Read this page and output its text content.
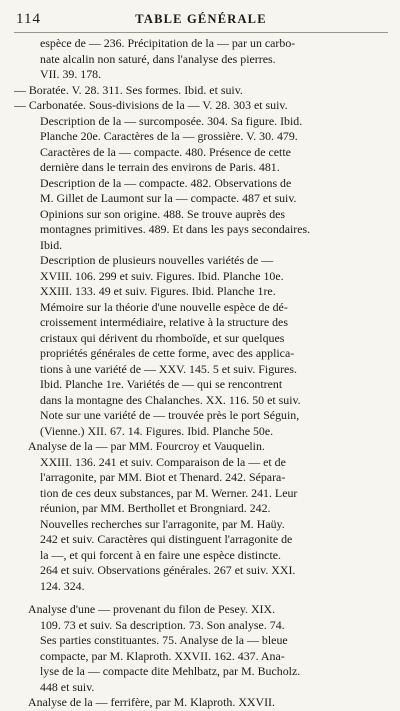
114	TABLE GÉNÉRALE
espèce de — 236. Précipitation de la — par un carbo-
nate alcalin non saturé, dans l'analyse des pierres.
VII. 39. 178.
— Boratée. V. 28. 311. Ses formes. Ibid. et suiv.
— Carbonatée. Sous-divisions de la — V. 28. 303 et suiv.
Description de la — surcomposée. 304. Sa figure. Ibid.
Planche 20e. Caractères de la — grossière. V. 30. 479.
Caractères de la — compacte. 480. Présence de cette
dernière dans le terrain des environs de Paris. 481.
Description de la — compacte. 482. Observations de
M. Gillet de Laumont sur la — compacte. 487 et suiv.
Opinions sur son origine. 488. Se trouve auprès des
montagnes primitives. 489. Et dans les pays secondaires.
Ibid.
Description de plusieurs nouvelles variétés de —
XVIII. 106. 299 et suiv. Figures. Ibid. Planche 10e.
XXIII. 133. 49 et suiv. Figures. Ibid. Planche 1re.
Mémoire sur la théorie d'une nouvelle espèce de dé-
croissement intermédiaire, relative à la structure des
cristaux qui dérivent du rhomboïde, et sur quelques
propriétés générales de cette forme, avec des applica-
tions à une variété de — XXV. 145. 5 et suiv. Figures.
Ibid. Planche 1re. Variétés de — qui se rencontrent
dans la montagne des Chalanches. XX. 116. 50 et suiv.
Note sur une variété de — trouvée près le port Séguin,
(Vienne.) XII. 67. 14. Figures. Ibid. Planche 50e.
Analyse de la — par MM. Fourcroy et Vauquelin.
XXIII. 136. 241 et suiv. Comparaison de la — et de
l'arragonite, par MM. Biot et Thenard. 242. Sépara-
tion de ces deux substances, par M. Werner. 241. Leur
réunion, par MM. Berthollet et Brongniard. 242.
Nouvelles recherches sur l'arragonite, par M. Haüy.
242 et suiv. Caractères qui distinguent l'arragonite de
la —, et qui forcent à en faire une espèce distincte.
264 et suiv. Observations générales. 267 et suiv. XXI.
124. 324.
Analyse d'une — provenant du filon de Pesey. XIX.
109. 73 et suiv. Sa description. 73. Son analyse. 74.
Ses parties constituantes. 75. Analyse de la — bleue
compacte, par M. Klaproth. XXVII. 162. 437. Ana-
lyse de la — compacte dite Mehlbatz, par M. Bucholz.
448 et suiv.
Analyse de la — ferrifère, par M. Klaproth. XXVII.
